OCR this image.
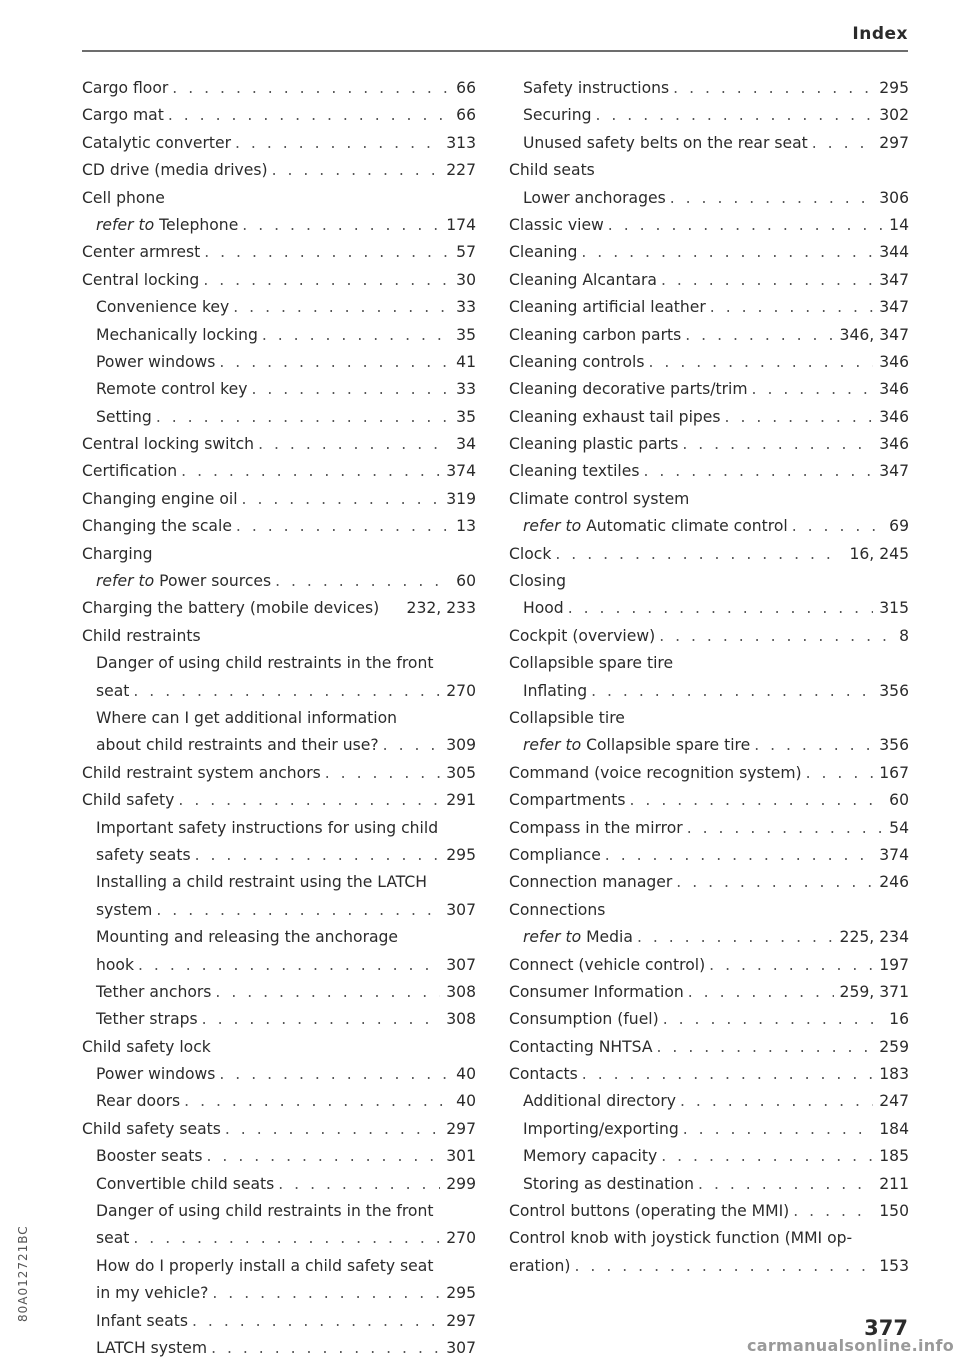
Index
Cargo floor . . .	66
Cargo mat . . .	66
Catalytic converter . . .	313
CD drive (media drives) . . .	227
Cell phone
refer to Telephone . . .	174
Center armrest . . .	57
Central locking . . .	30
Convenience key . . .	33
Mechanically locking . . .	35
Power windows . . .	41
Remote control key . . .	33
Setting . . .	35
Central locking switch . . .	34
Certification . . .	374
Changing engine oil . . .	319
Changing the scale . . .	13
Charging
refer to Power sources . . .	60
Charging the battery (mobile devices) 232, 233
Child restraints
Danger of using child restraints in the front
seat . . .	270
Where can I get additional information
about child restraints and their use? . . .	309
Child restraint system anchors . . .	305
Child safety . . .	291
Important safety instructions for using child
safety seats . . .	295
Installing a child restraint using the LATCH
system . . .	307
Mounting and releasing the anchorage
hook . . .	307
Tether anchors . . .	308
Tether straps . . .	308
Child safety lock
Power windows . . .	40
Rear doors . . .	40
Child safety seats . . .	297
Booster seats . . .	301
Convertible child seats . . .	299
Danger of using child restraints in the front
seat . . .	270
How do I properly install a child safety seat
in my vehicle? . . .	295
Infant seats . . .	297
LATCH system . . .	307
Safety instructions . . .	295
Securing . . .	302
Unused safety belts on the rear seat . . .	297
Child seats
Lower anchorages . . .	306
Classic view . . .	14
Cleaning . . .	344
Cleaning Alcantara . . .	347
Cleaning artificial leather . . .	347
Cleaning carbon parts . . .	346, 347
Cleaning controls . . .	346
Cleaning decorative parts/trim . . .	346
Cleaning exhaust tail pipes . . .	346
Cleaning plastic parts . . .	346
Cleaning textiles . . .	347
Climate control system
refer to Automatic climate control . . .	69
Clock . . .	16, 245
Closing
Hood . . .	315
Cockpit (overview) . . .	8
Collapsible spare tire
Inflating . . .	356
Collapsible tire
refer to Collapsible spare tire . . .	356
Command (voice recognition system) . . .	167
Compartments . . .	60
Compass in the mirror . . .	54
Compliance . . .	374
Connection manager . . .	246
Connections
refer to Media . . .	225, 234
Connect (vehicle control) . . .	197
Consumer Information . . .	259, 371
Consumption (fuel) . . .	16
Contacting NHTSA . . .	259
Contacts . . .	183
Additional directory . . .	247
Importing/exporting . . .	184
Memory capacity . . .	185
Storing as destination . . .	211
Control buttons (operating the MMI) . . .	150
Control knob with joystick function (MMI op-
eration) . . .	153
80A012721BC
377
carmanualsonline.info
